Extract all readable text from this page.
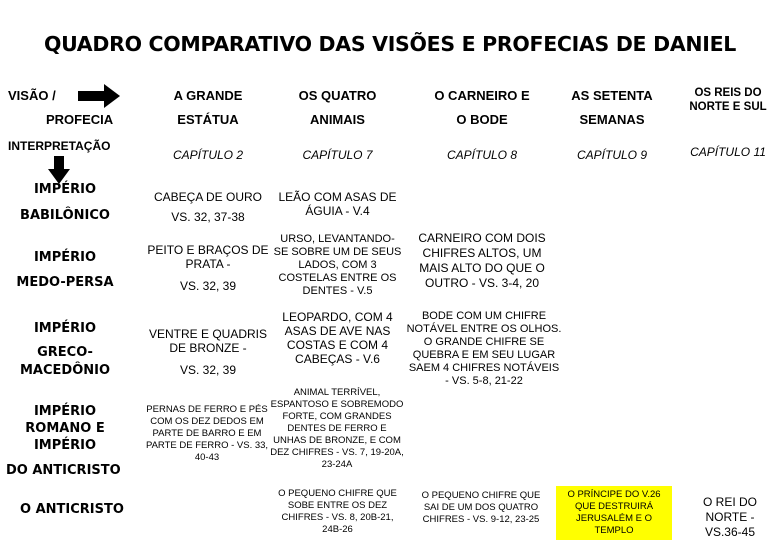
QUADRO COMPARATIVO DAS VISÕES E PROFECIAS DE DANIEL
VISÃO /
PROFECIA
INTERPRETAÇÃO
A GRANDE
ESTÁTUA
CAPÍTULO 2
OS QUATRO
ANIMAIS
CAPÍTULO 7
O CARNEIRO E
O BODE
CAPÍTULO 8
AS SETENTA
SEMANAS
CAPÍTULO 9
OS REIS DO
NORTE E SUL
CAPÍTULO 11
IMPÉRIO
BABILÔNICO
CABEÇA DE OURO
VS. 32, 37-38
LEÃO COM ASAS DE
ÁGUIA - V.4
IMPÉRIO
MEDO-PERSA
PEITO E BRAÇOS DE
PRATA -
VS. 32, 39
URSO, LEVANTANDO-
SE SOBRE UM DE SEUS
LADOS, COM 3
COSTELAS ENTRE OS
DENTES - V.5
CARNEIRO COM DOIS
CHIFRES ALTOS, UM
MAIS ALTO DO QUE O
OUTRO - VS. 3-4, 20
IMPÉRIO
GRECO-
MACEDÔNIO
VENTRE E QUADRIS
DE BRONZE -
VS. 32, 39
LEOPARDO, COM 4
ASAS DE AVE NAS
COSTAS E COM 4
CABEÇAS - V.6
BODE COM UM CHIFRE
NOTÁVEL ENTRE OS OLHOS.
O GRANDE CHIFRE SE
QUEBRA E EM SEU LUGAR
SAEM 4 CHIFRES NOTÁVEIS
- VS. 5-8, 21-22
IMPÉRIO
ROMANO E
IMPÉRIO
DO ANTICRISTO
PERNAS DE FERRO E PÉS
COM OS DEZ DEDOS EM
PARTE DE BARRO E EM
PARTE DE FERRO - VS. 33,
40-43
ANIMAL TERRÍVEL,
ESPANTOSO E SOBREMODO
FORTE, COM GRANDES
DENTES DE FERRO E
UNHAS DE BRONZE, E COM
DEZ CHIFRES - VS. 7, 19-20A,
23-24A
O ANTICRISTO
O PEQUENO CHIFRE QUE
SOBE ENTRE OS DEZ
CHIFRES - VS. 8, 20B-21,
24B-26
O PEQUENO CHIFRE QUE
SAI DE UM DOS QUATRO
CHIFRES - VS. 9-12, 23-25
O PRÍNCIPE DO V.26
QUE DESTRUIRÁ
JERUSALÉM E O
TEMPLO
O REI DO
NORTE -
VS.36-45
